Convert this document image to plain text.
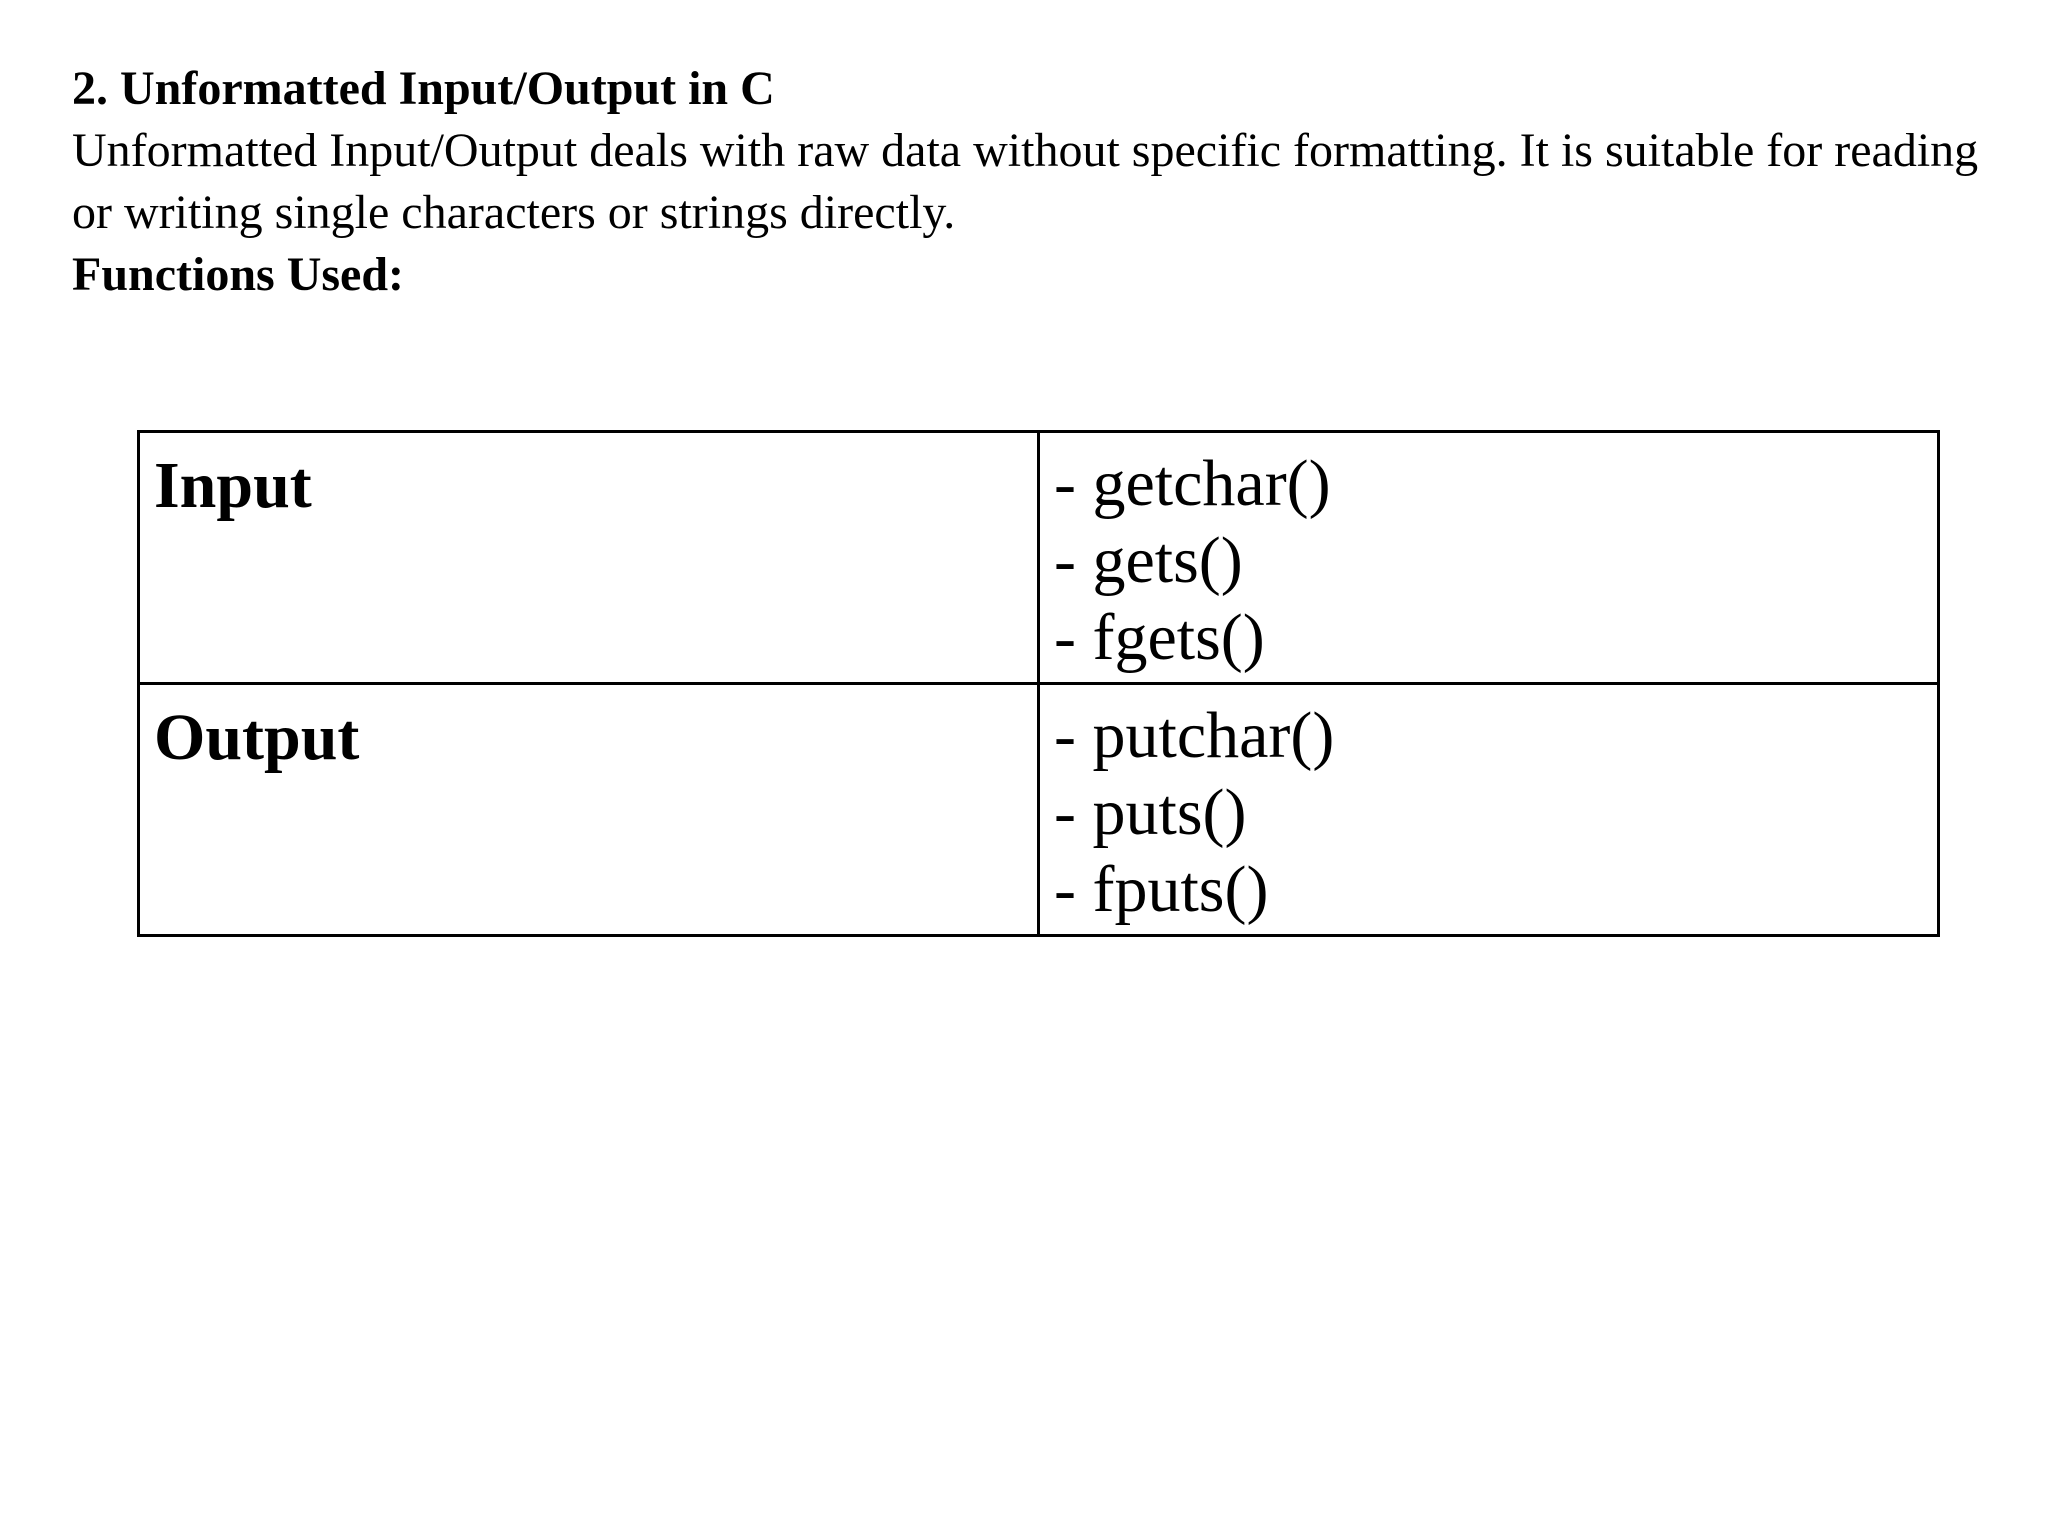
2. Unformatted Input/Output in C

Unformatted Input/Output deals with raw data without specific formatting. It is suitable for reading or writing single characters or strings directly.

Functions Used:

Input	- getchar()
- gets()
- fgets()

Output	- putchar()
- puts()
- fputs()
